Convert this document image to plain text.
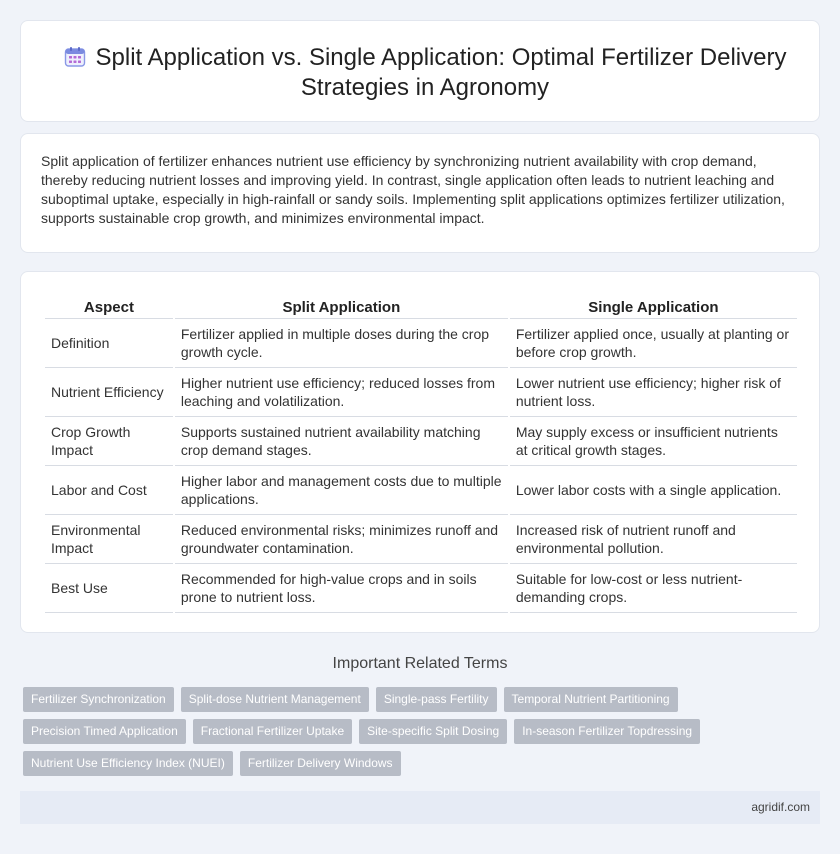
Split Application vs. Single Application: Optimal Fertilizer Delivery Strategies in Agronomy

Split application of fertilizer enhances nutrient use efficiency by synchronizing nutrient availability with crop demand, thereby reducing nutrient losses and improving yield. In contrast, single application often leads to nutrient leaching and suboptimal uptake, especially in high-rainfall or sandy soils. Implementing split applications optimizes fertilizer utilization, supports sustainable crop growth, and minimizes environmental impact.

Aspect	Split Application	Single Application
Definition	Fertilizer applied in multiple doses during the crop growth cycle.	Fertilizer applied once, usually at planting or before crop growth.
Nutrient Efficiency	Higher nutrient use efficiency; reduced losses from leaching and volatilization.	Lower nutrient use efficiency; higher risk of nutrient loss.
Crop Growth Impact	Supports sustained nutrient availability matching crop demand stages.	May supply excess or insufficient nutrients at critical growth stages.
Labor and Cost	Higher labor and management costs due to multiple applications.	Lower labor costs with a single application.
Environmental Impact	Reduced environmental risks; minimizes runoff and groundwater contamination.	Increased risk of nutrient runoff and environmental pollution.
Best Use	Recommended for high-value crops and in soils prone to nutrient loss.	Suitable for low-cost or less nutrient-demanding crops.
Important Related Terms
Fertilizer Synchronization	Split-dose Nutrient Management	Single-pass Fertility	Temporal Nutrient Partitioning
Precision Timed Application	Fractional Fertilizer Uptake	Site-specific Split Dosing	In-season Fertilizer Topdressing
Nutrient Use Efficiency Index (NUEI)	Fertilizer Delivery Windows
agridif.com
